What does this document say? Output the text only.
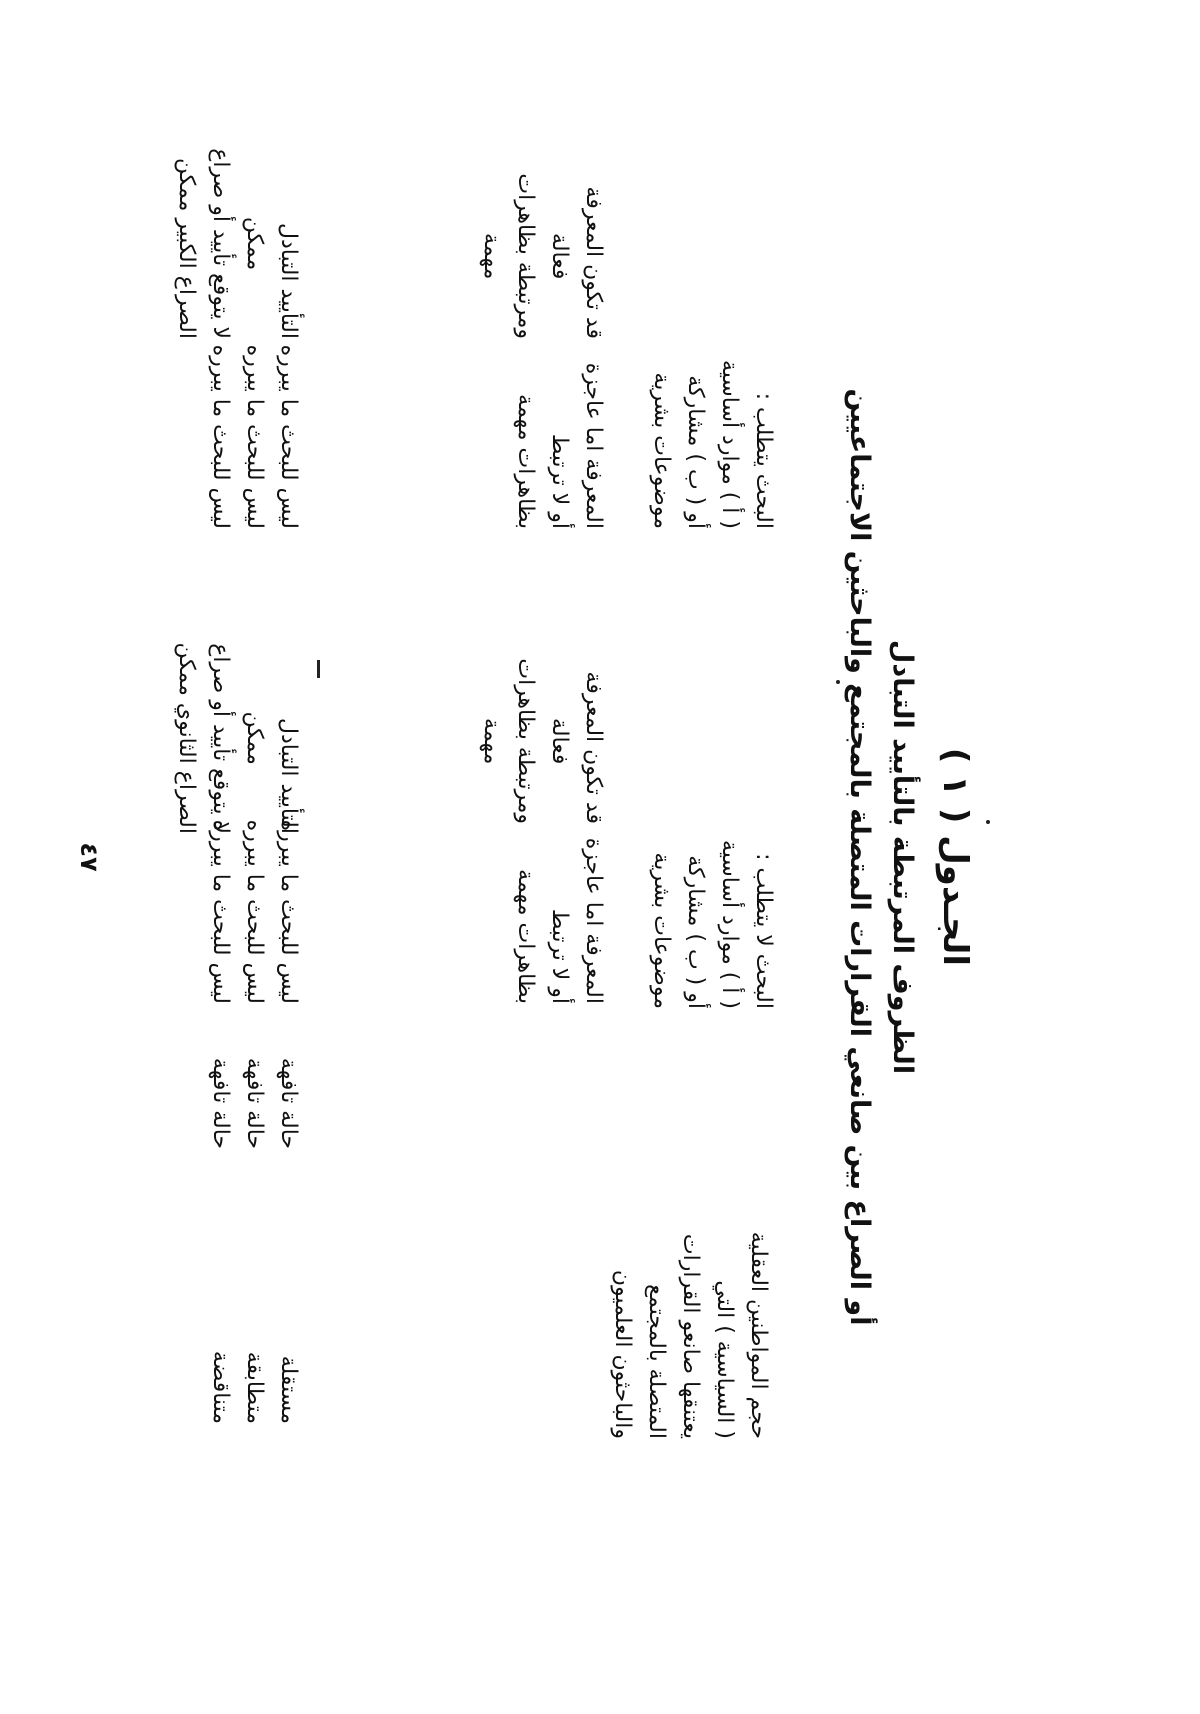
الجـدول ( ١ )
الظروف المرتبطة بالتأييد التبادل
أو الصراع بين صانعي القرارات المتصلة بالمجتمع والباحثين الاجتماعيين
حجم المواطنين العقلية
( السياسية ) التي
يعتنقها صانعو القرارات
المتصلة بالمجتمع
والباحثون العلميون
البحث لا يتطلب :
( أ ) موارد أساسية
أو ( ب ) مشاركة
موضوعات بشرية
البحث يتطلب :
( أ ) موارد أساسية
أو ( ب ) مشاركة
موضوعات بشرية
المعرفة اما عاجزة
أو لا ترتبط
بظاهرات مهمة
قد تكون المعرفة
فعالة
ومرتبطة بظاهرات
مهمة
المعرفة اما عاجزة
أو لا ترتبط
بظاهرات مهمة
قد تكون المعرفة
فعالة
ومرتبطة بظاهرات
مهمة
مستقلة
متطابقة
متناقضة
حالة تافهة
حالة تافهة
حالة تافهة
ليس للبحث ما يبرره
ليس للبحث ما يبرره
ليس للبحث ما يبرره
التأييد التبادل
ممكن
لا يتوقع تأييد أو صراع
الصراع الثانوي ممكن
ليس للبحث ما يبرره
ليس للبحث ما يبرره
ليس للبحث ما يبرره
التأييد التبادل
ممكن
لا يتوقع تأييد أو صراع
الصراع الكبير ممكن
٤٧
